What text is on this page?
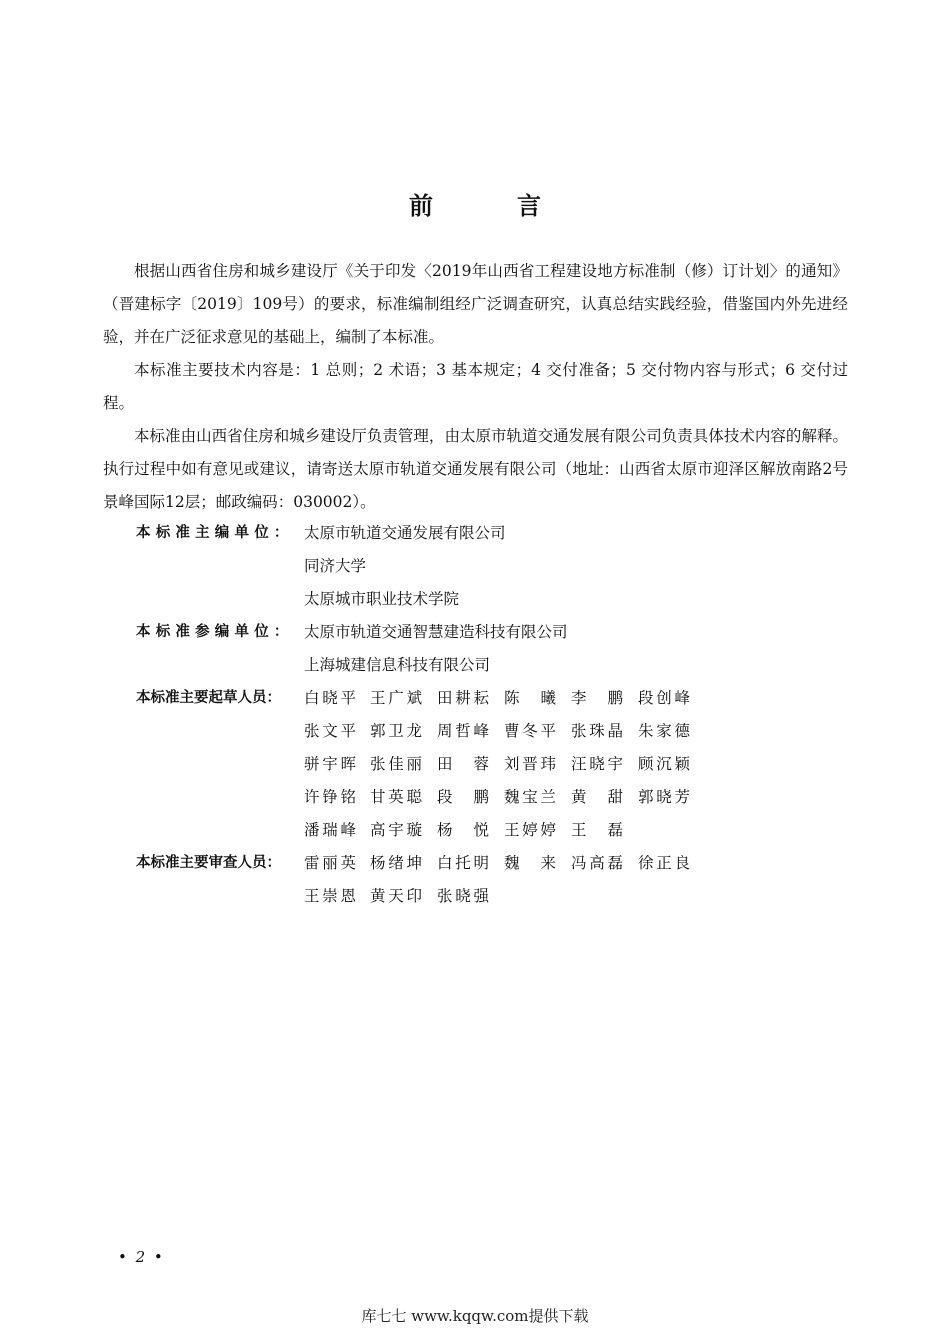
前　言

根据山西省住房和城乡建设厅《关于印发〈2019年山西省工程建设地方标准制（修）订计划〉的通知》（晋建标字〔2019〕109号）的要求，标准编制组经广泛调查研究，认真总结实践经验，借鉴国内外先进经验，并在广泛征求意见的基础上，编制了本标准。

本标准主要技术内容是：1 总则；2 术语；3 基本规定；4 交付准备；5 交付物内容与形式；6 交付过程。

本标准由山西省住房和城乡建设厅负责管理，由太原市轨道交通发展有限公司负责具体技术内容的解释。执行过程中如有意见或建议，请寄送太原市轨道交通发展有限公司（地址：山西省太原市迎泽区解放南路2号景峰国际12层；邮政编码：030002）。

本标准主编单位： 太原市轨道交通发展有限公司
同济大学
太原城市职业技术学院
本标准参编单位： 太原市轨道交通智慧建造科技有限公司
上海城建信息科技有限公司
本标准主要起草人员：	白晓平 王广斌 田耕耘 陈曦 李鹏 段创峰
张文平 郭卫龙 周哲峰 曹冬平 张珠晶 朱家德
骈宇晖 张佳丽 田蓉 刘晋玮 汪晓宇 顾沉颖
许铮铭 甘英聪 段鹏 魏宝兰 黄甜 郭晓芳
潘瑞峰 高宇璇 杨悦 王婷婷 王磊
本标准主要审查人员：	雷丽英 杨绪坤 白托明 魏来 冯高磊 徐正良
王崇恩 黄天印 张晓强
• 2 •
库七七 www.kqqw.com提供下载
